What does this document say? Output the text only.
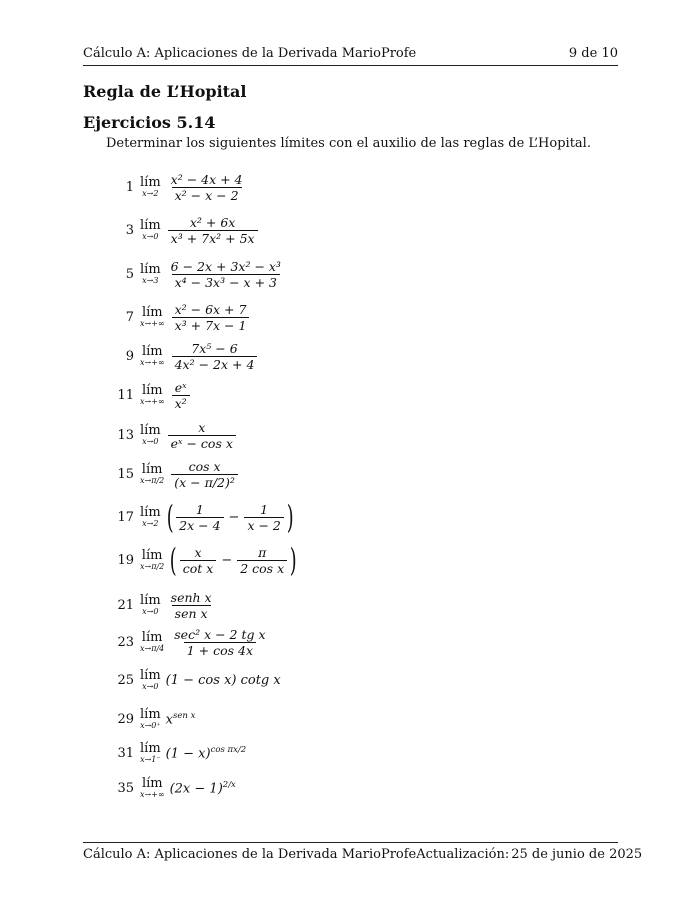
Cálculo A: Aplicaciones de la Derivada MarioProfe	9 de 10
Regla de L’Hopital
Ejercicios 5.14

Determinar los siguientes límites con el auxilio de las reglas de L’Hopital.

1 lím
$x\to 2 \frac{\text{x² − 4x + 4}}{\text{x² − x − 2}}$
3 lím
$x\to 0 \frac{\text{x² + 6x}}{\text{x³ + 7x² + 5x}}$
5 lím
$x\to 3 \frac{\text{6 − 2x + 3x² − x³}}{\text{x⁴ − 3x³ − x + 3}}$
7 lím
$x\to+\infty \frac{\text{x² − 6x + 7}}{\text{x³ + 7x − 1}}$
9 lím
$x\to+\infty \frac{\text{7x⁵ − 6}}{\text{4x² − 2x + 4}}$
11 lím
$x\to+\infty \frac{\text{eˣ}}{\text{x²}}$
13 lím
$x\to 0 \frac{x}{\text{eˣ − cos x}}$
15 lím
$x\to\pi/2 \frac{\text{cos x}}{\text{(x − π/2)²}}$
17 lím
x→2 ( $\frac{1}{2x - 4} - \frac{1}{x - 2}$ )
19 lím
x→π/2 ( $\frac{x}{\text{cot x}} - \frac{\pi}{\text{2 cos x}}$ )
21 lím
$x\to 0 \frac{\text{senh x}}{\text{sen x}}$
23 lím
$x\to\pi/4 \frac{\text{sec² x − 2 tg x}}{1 + \cos 4x}$
25 lím
x→0 (1 − cos x) cotg x
29 lím
x→0⁺ $x^{sen x}$
31 lím
x→1⁻ $(1 - x)^{cos \pi x/2}$
35 lím
x→+∞ $(2x - 1)^{2/x}$
Cálculo A: Aplicaciones de la Derivada MarioProfe Actualización: 25 de junio de 2025
